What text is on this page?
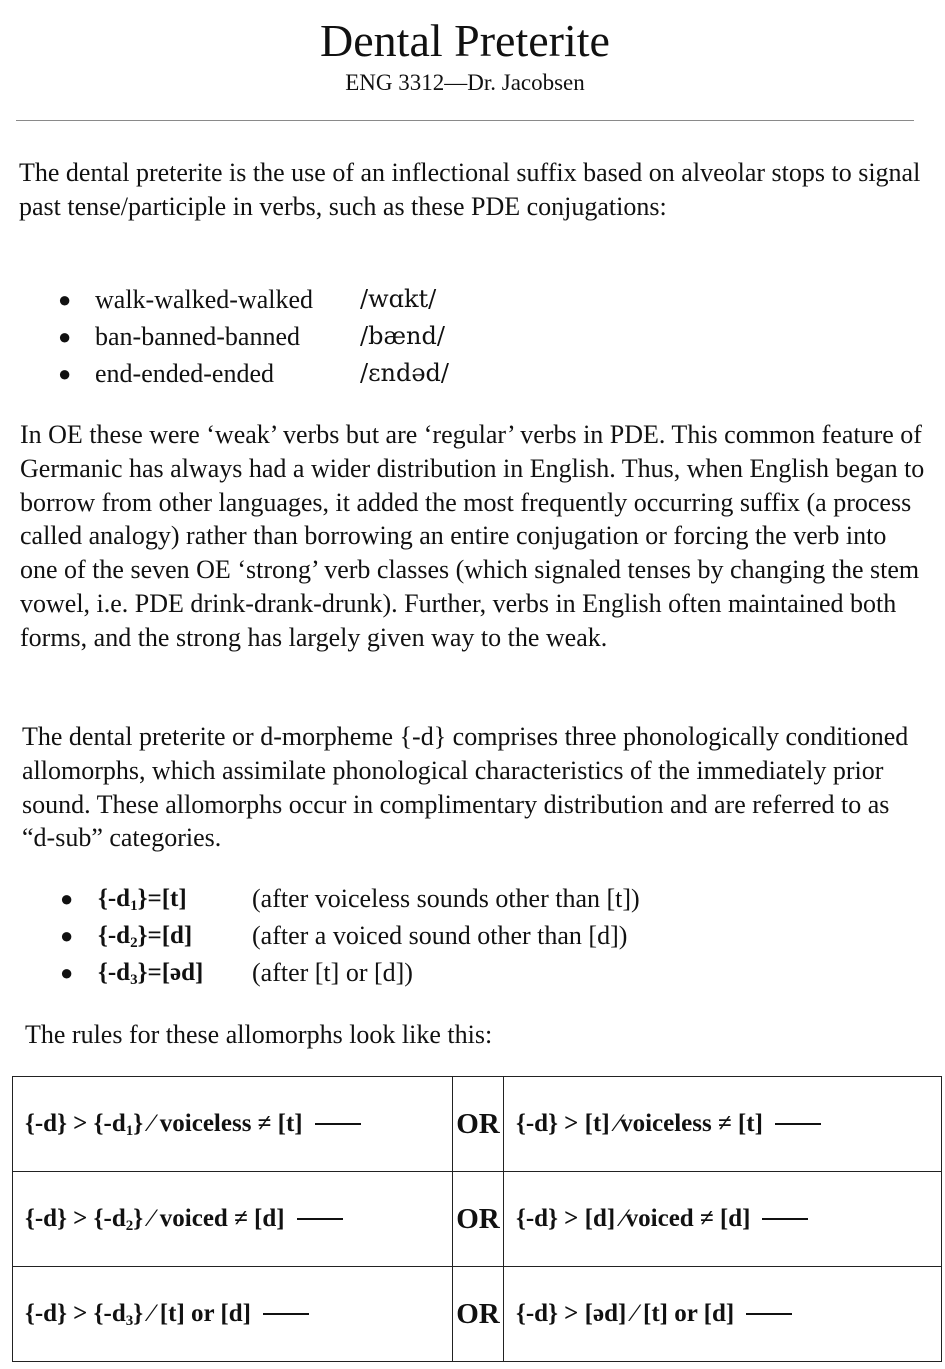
Dental Preterite
ENG 3312—Dr. Jacobsen

The dental preterite is the use of an inflectional suffix based on alveolar stops to signal past tense/participle in verbs, such as these PDE conjugations:

● walk-walked-walked /wɑkt/
● ban-banned-banned /bænd/
● end-ended-ended	/ɛndəd/

In OE these were ‘weak’ verbs but are ‘regular’ verbs in PDE. This common feature of Germanic has always had a wider distribution in English. Thus, when English began to borrow from other languages, it added the most frequently occurring suffix (a process called analogy) rather than borrowing an entire conjugation or forcing the verb into one of the seven OE ‘strong’ verb classes (which signaled tenses by changing the stem vowel, i.e. PDE drink-drank-drunk). Further, verbs in English often maintained both forms, and the strong has largely given way to the weak.

The dental preterite or d-morpheme {-d} comprises three phonologically conditioned allomorphs, which assimilate phonological characteristics of the immediately prior sound. These allomorphs occur in complimentary distribution and are referred to as “d-sub” categories.

● $\{-d_1\}=[t]$	(after voiceless sounds other than [t])
● $\{-d_2\}=[d]$ (after a voiced sound other than [d])
● $\{-d_3\}=[əd]$ (after [t] or [d])

The rules for these allomorphs look like this:

$\{-d\} > \{-d_1\}$ ⁄ voiceless ≠ [t]	OR	{-d} > [t] ⁄voiceless ≠ [t]
$\{-d\} > \{-d_2\}$ ⁄ voiced ≠ [d]	OR	{-d} > [d] ⁄voiced ≠ [d]
$\{-d\} > \{-d_3\}$ ⁄ [t] or [d]	OR	{-d} > [əd] ⁄ [t] or [d]
